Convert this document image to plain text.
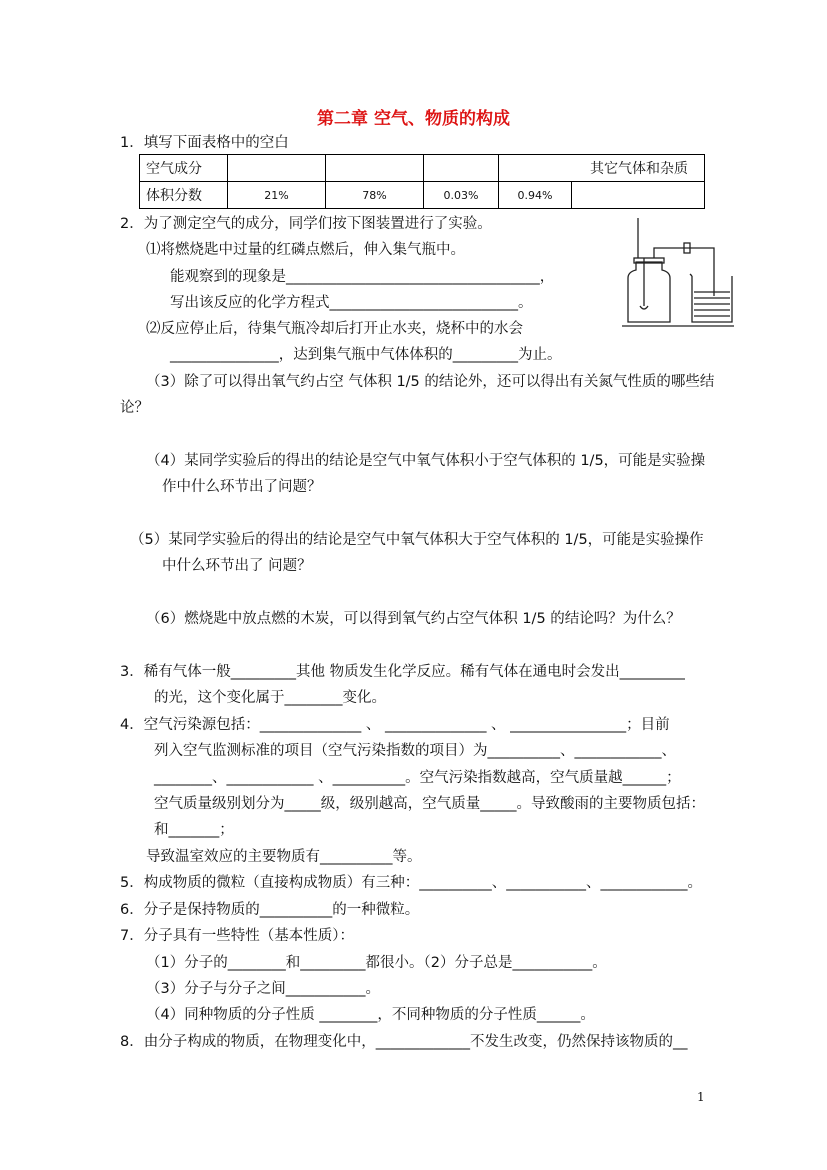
第二章 空气、物质的构成
1．填写下面表格中的空白
空气成分				其它气体和杂质	
体积分数	21%	78%	0.03%	0.94%	
2．为了测定空气的成分，同学们按下图装置进行了实验。
⑴将燃烧匙中过量的红磷点燃后，伸入集气瓶中。
能观察到的现象是___________________________________，
写出该反应的化学方程式__________________________。
⑵反应停止后，待集气瓶冷却后打开止水夹，烧杯中的水会
_______________，达到集气瓶中气体体积的_________为止。
（3）除了可以得出氧气约占空 气体积 1/5 的结论外，还可以得出有关氮气性质的哪些结
论？
（4）某同学实验后的得出的结论是空气中氧气体积小于空气体积的 1/5，可能是实验操
作中什么环节出了问题？
（5）某同学实验后的得出的结论是空气中氧气体积大于空气体积的 1/5，可能是实验操作
中什么环节出了 问题？
（6）燃烧匙中放点燃的木炭，可以得到氧气约占空气体积 1/5 的结论吗？为什么？
3．稀有气体一般_________其他 物质发生化学反应。稀有气体在通电时会发出_________
的光，这个变化属于________变化。
4．空气污染源包括：______________ 、 ______________ 、 ________________；目前
列入空气监测标准的项目（空气污染指数的项目）为__________、____________、
________、____________ 、__________。空气污染指数越高，空气质量越______；
空气质量级别划分为_____级，级别越高，空气质量_____。导致酸雨的主要物质包括：
和_______；
导致温室效应的主要物质有__________等。
5．构成物质的微粒（直接构成物质）有三种：__________、___________、____________。
6．分子是保持物质的__________的一种微粒。
7．分子具有一些特性（基本性质）：
（1）分子的________和_________都很小。（2）分子总是___________。
（3）分子与分子之间___________。
（4）同种物质的分子性质 ________，不同种物质的分子性质______。
8．由分子构成的物质，在物理变化中，_____________不发生改变，仍然保持该物质的__
1
